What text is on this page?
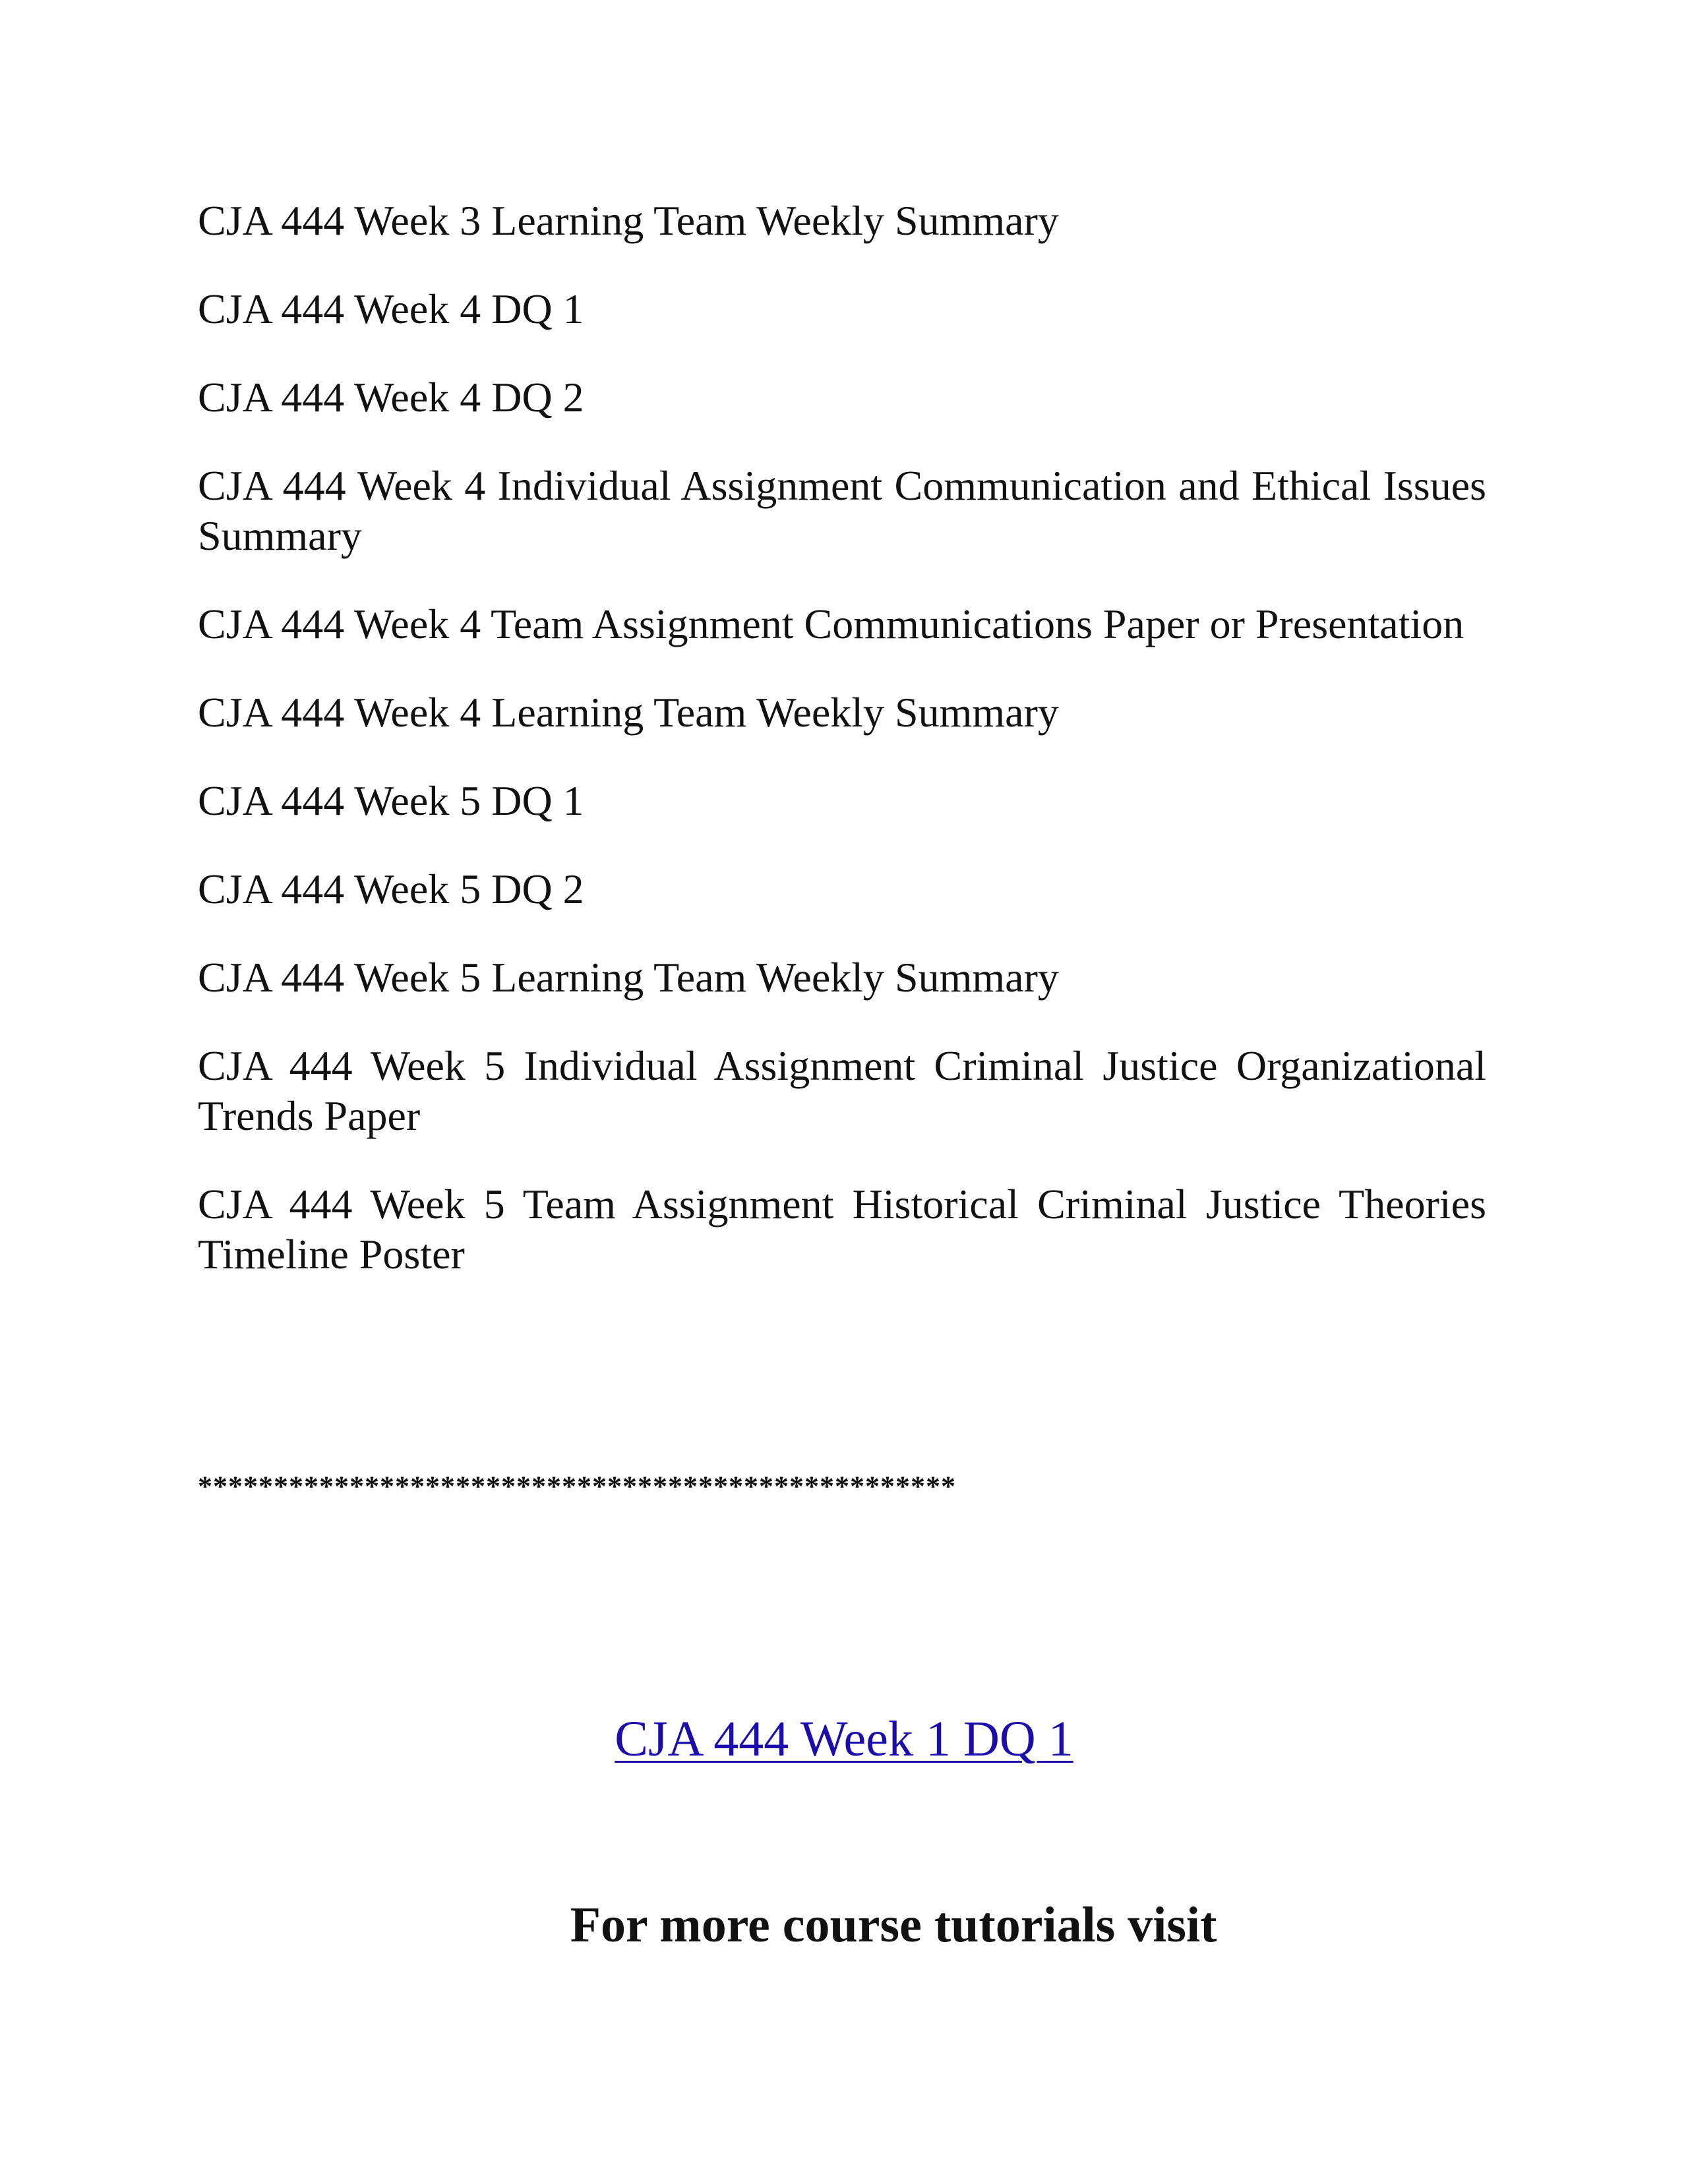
CJA 444 Week 3 Learning Team Weekly Summary
CJA 444 Week 4 DQ 1
CJA 444 Week 4 DQ 2
CJA 444 Week 4 Individual Assignment Communication and Ethical Issues Summary
CJA 444 Week 4 Team Assignment Communications Paper or Presentation
CJA 444 Week 4 Learning Team Weekly Summary
CJA 444 Week 5 DQ 1
CJA 444 Week 5 DQ 2
CJA 444 Week 5 Learning Team Weekly Summary
CJA 444 Week 5 Individual Assignment Criminal Justice Organizational Trends Paper
CJA 444 Week 5 Team Assignment Historical Criminal Justice Theories Timeline Poster
**************************************************
CJA 444 Week 1 DQ 1
For more course tutorials visit
